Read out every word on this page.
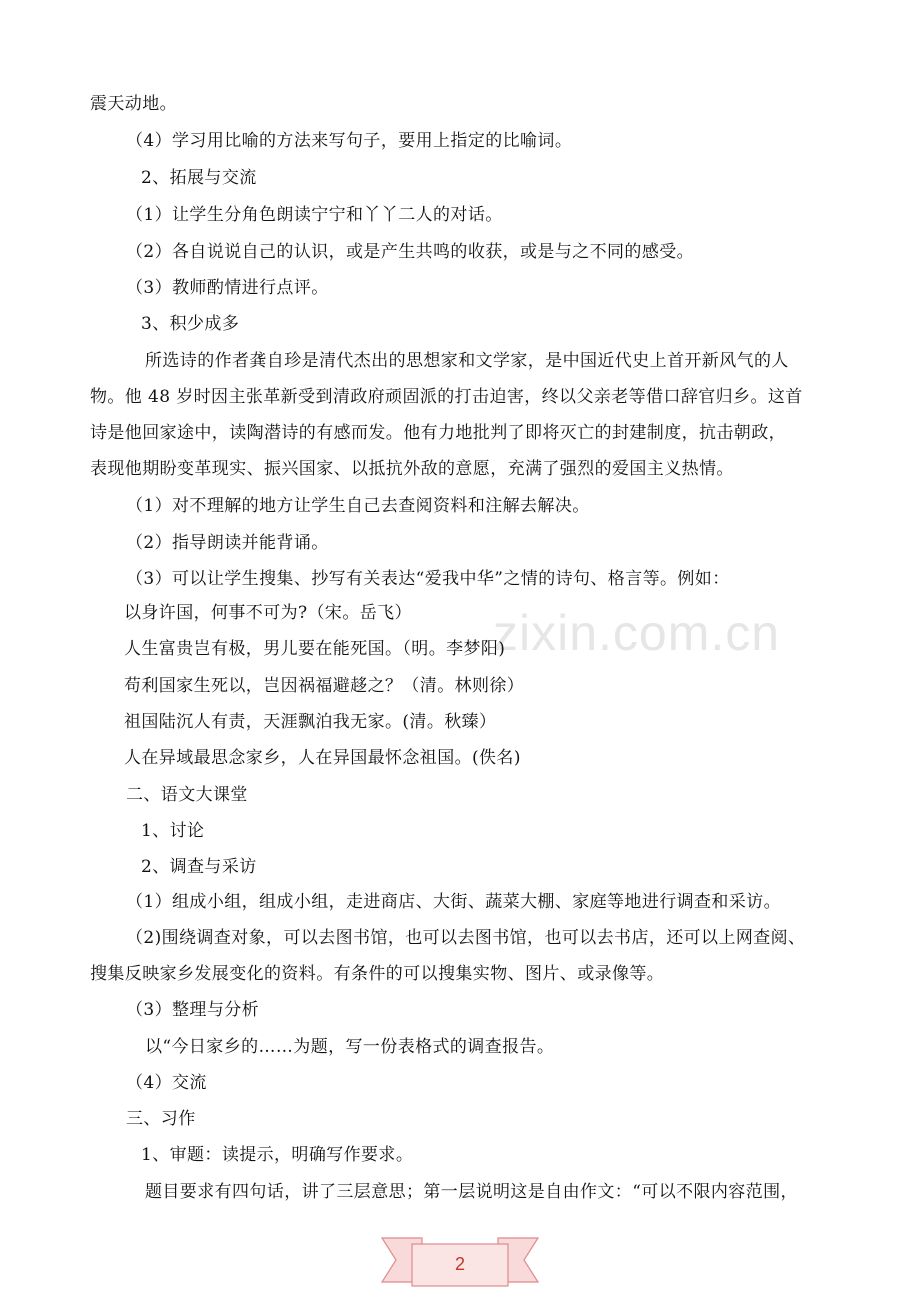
zixin.com.cn
震天动地。
（4）学习用比喻的方法来写句子，要用上指定的比喻词。
2、拓展与交流
（1）让学生分角色朗读宁宁和丫丫二人的对话。
（2）各自说说自己的认识，或是产生共鸣的收获，或是与之不同的感受。
（3）教师酌情进行点评。
3、积少成多
所选诗的作者龚自珍是清代杰出的思想家和文学家，是中国近代史上首开新风气的人
物。他 48 岁时因主张革新受到清政府顽固派的打击迫害，终以父亲老等借口辞官归乡。这首
诗是他回家途中，读陶潜诗的有感而发。他有力地批判了即将灭亡的封建制度，抗击朝政，
表现他期盼变革现实、振兴国家、以抵抗外敌的意愿，充满了强烈的爱国主义热情。
（1）对不理解的地方让学生自己去查阅资料和注解去解决。
（2）指导朗读并能背诵。
（3）可以让学生搜集、抄写有关表达“爱我中华”之情的诗句、格言等。例如：
以身许国，何事不可为?（宋。岳飞）
人生富贵岂有极，男儿要在能死国。（明。李梦阳)
苟利国家生死以，岂因祸福避趍之？（清。林则徐）
祖国陆沉人有责，天涯飘泊我无家。(清。秋臻）
人在异域最思念家乡，人在异国最怀念祖国。(佚名)
二、语文大课堂
1、讨论
2、调查与采访
（1）组成小组，组成小组，走进商店、大街、蔬菜大棚、家庭等地进行调查和采访。
（2)围绕调查对象，可以去图书馆，也可以去图书馆，也可以去书店，还可以上网查阅、
搜集反映家乡发展变化的资料。有条件的可以搜集实物、图片、或录像等。
（3）整理与分析
以“今日家乡的……为题，写一份表格式的调查报告。
（4）交流
三、习作
1、审题：读提示，明确写作要求。
题目要求有四句话，讲了三层意思；第一层说明这是自由作文：“可以不限内容范围，
2
